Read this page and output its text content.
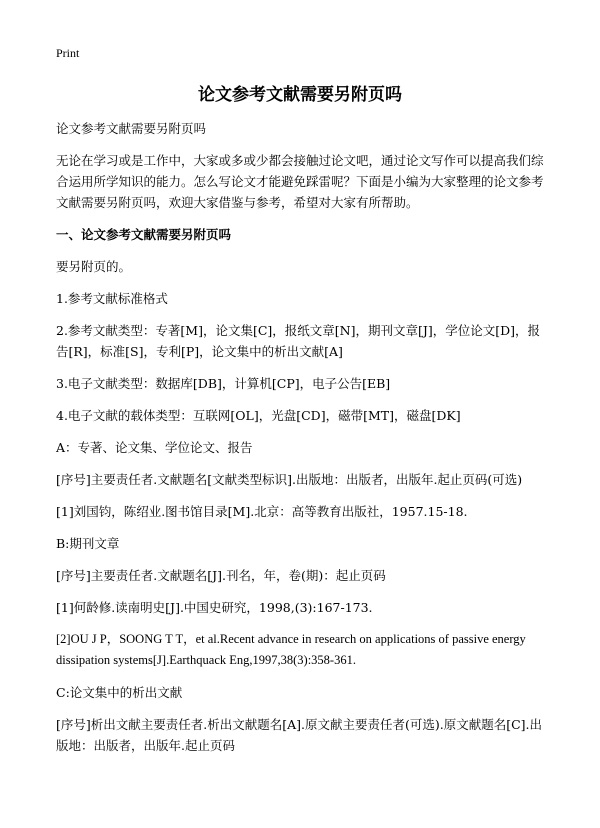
Print
论文参考文献需要另附页吗

论文参考文献需要另附页吗

无论在学习或是工作中，大家或多或少都会接触过论文吧，通过论文写作可以提高我们综合运用所学知识的能力。怎么写论文才能避免踩雷呢？下面是小编为大家整理的论文参考文献需要另附页吗，欢迎大家借鉴与参考，希望对大家有所帮助。

一、论文参考文献需要另附页吗

要另附页的。

1.参考文献标准格式

2.参考文献类型：专著[M]，论文集[C]，报纸文章[N]，期刊文章[J]，学位论文[D]，报告[R]，标准[S]，专利[P]，论文集中的析出文献[A]

3.电子文献类型：数据库[DB]，计算机[CP]，电子公告[EB]

4.电子文献的载体类型：互联网[OL]，光盘[CD]，磁带[MT]，磁盘[DK]

A：专著、论文集、学位论文、报告

[序号]主要责任者.文献题名[文献类型标识].出版地：出版者，出版年.起止页码(可选)

[1]刘国钧，陈绍业.图书馆目录[M].北京：高等教育出版社，1957.15-18.

B:期刊文章

[序号]主要责任者.文献题名[J].刊名，年，卷(期)：起止页码

[1]何龄修.读南明史[J].中国史研究，1998,(3):167-173.

[2]OU J P，SOONG T T，et al.Recent advance in research on applications of passive energy dissipation systems[J].Earthquack Eng,1997,38(3):358-361.

C:论文集中的析出文献

[序号]析出文献主要责任者.析出文献题名[A].原文献主要责任者(可选).原文献题名[C].出版地：出版者，出版年.起止页码
